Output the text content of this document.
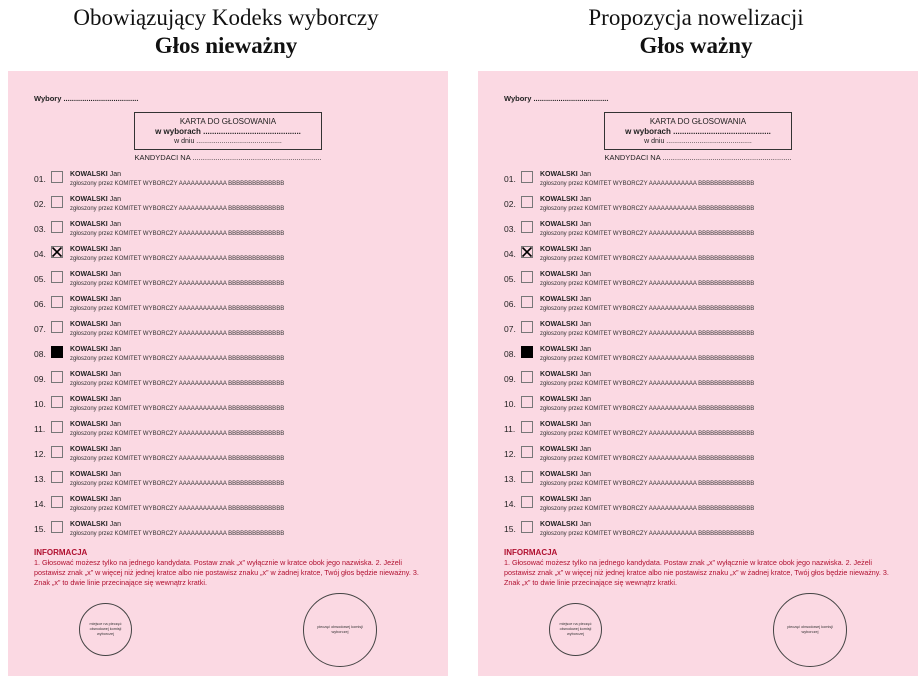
Obowiązujący Kodeks wyborczy
Głos nieważny
Propozycja nowelizacji
Głos ważny
Wybory ....................................
KARTA DO GŁOSOWANIA
w wyborach ............................................
w dniu ............................................
KANDYDACI NA ..............................................................
01.	KOWALSKI Jan
zgłoszony przez KOMITET WYBORCZY AAAAAAAAAAAA BBBBBBBBBBBBBB
02.	KOWALSKI Jan
zgłoszony przez KOMITET WYBORCZY AAAAAAAAAAAA BBBBBBBBBBBBBB
03.	KOWALSKI Jan
zgłoszony przez KOMITET WYBORCZY AAAAAAAAAAAA BBBBBBBBBBBBBB
04.	KOWALSKI Jan
zgłoszony przez KOMITET WYBORCZY AAAAAAAAAAAA BBBBBBBBBBBBBB
05.	KOWALSKI Jan
zgłoszony przez KOMITET WYBORCZY AAAAAAAAAAAA BBBBBBBBBBBBBB
06.	KOWALSKI Jan
zgłoszony przez KOMITET WYBORCZY AAAAAAAAAAAA BBBBBBBBBBBBBB
07.	KOWALSKI Jan
zgłoszony przez KOMITET WYBORCZY AAAAAAAAAAAA BBBBBBBBBBBBBB
08.	KOWALSKI Jan
zgłoszony przez KOMITET WYBORCZY AAAAAAAAAAAA BBBBBBBBBBBBBB
09.	KOWALSKI Jan
zgłoszony przez KOMITET WYBORCZY AAAAAAAAAAAA BBBBBBBBBBBBBB
10.	KOWALSKI Jan
zgłoszony przez KOMITET WYBORCZY AAAAAAAAAAAA BBBBBBBBBBBBBB
11.	KOWALSKI Jan
zgłoszony przez KOMITET WYBORCZY AAAAAAAAAAAA BBBBBBBBBBBBBB
12.	KOWALSKI Jan
zgłoszony przez KOMITET WYBORCZY AAAAAAAAAAAA BBBBBBBBBBBBBB
13.	KOWALSKI Jan
zgłoszony przez KOMITET WYBORCZY AAAAAAAAAAAA BBBBBBBBBBBBBB
14.	KOWALSKI Jan
zgłoszony przez KOMITET WYBORCZY AAAAAAAAAAAA BBBBBBBBBBBBBB
15.	KOWALSKI Jan
zgłoszony przez KOMITET WYBORCZY AAAAAAAAAAAA BBBBBBBBBBBBBB
INFORMACJA
1. Głosować możesz tylko na jednego kandydata. Postaw znak „x” wyłącznie w kratce obok jego nazwiska. 2. Jeżeli postawisz znak „x” w więcej niż jednej kratce albo nie postawisz znaku „x” w żadnej kratce, Twój głos będzie nieważny. 3. Znak „x” to dwie linie przecinające się wewnątrz kratki.
miejsce na pieczęć obwodowej komisji wyborczej
pieczęć obwodowej komisji wyborczej
Wybory ....................................
KARTA DO GŁOSOWANIA
w wyborach ............................................
w dniu ............................................
KANDYDACI NA ..............................................................
01.	KOWALSKI Jan
zgłoszony przez KOMITET WYBORCZY AAAAAAAAAAAA BBBBBBBBBBBBBB
02.	KOWALSKI Jan
zgłoszony przez KOMITET WYBORCZY AAAAAAAAAAAA BBBBBBBBBBBBBB
03.	KOWALSKI Jan
zgłoszony przez KOMITET WYBORCZY AAAAAAAAAAAA BBBBBBBBBBBBBB
04.	KOWALSKI Jan
zgłoszony przez KOMITET WYBORCZY AAAAAAAAAAAA BBBBBBBBBBBBBB
05.	KOWALSKI Jan
zgłoszony przez KOMITET WYBORCZY AAAAAAAAAAAA BBBBBBBBBBBBBB
06.	KOWALSKI Jan
zgłoszony przez KOMITET WYBORCZY AAAAAAAAAAAA BBBBBBBBBBBBBB
07.	KOWALSKI Jan
zgłoszony przez KOMITET WYBORCZY AAAAAAAAAAAA BBBBBBBBBBBBBB
08.	KOWALSKI Jan
zgłoszony przez KOMITET WYBORCZY AAAAAAAAAAAA BBBBBBBBBBBBBB
09.	KOWALSKI Jan
zgłoszony przez KOMITET WYBORCZY AAAAAAAAAAAA BBBBBBBBBBBBBB
10.	KOWALSKI Jan
zgłoszony przez KOMITET WYBORCZY AAAAAAAAAAAA BBBBBBBBBBBBBB
11.	KOWALSKI Jan
zgłoszony przez KOMITET WYBORCZY AAAAAAAAAAAA BBBBBBBBBBBBBB
12.	KOWALSKI Jan
zgłoszony przez KOMITET WYBORCZY AAAAAAAAAAAA BBBBBBBBBBBBBB
13.	KOWALSKI Jan
zgłoszony przez KOMITET WYBORCZY AAAAAAAAAAAA BBBBBBBBBBBBBB
14.	KOWALSKI Jan
zgłoszony przez KOMITET WYBORCZY AAAAAAAAAAAA BBBBBBBBBBBBBB
15.	KOWALSKI Jan
zgłoszony przez KOMITET WYBORCZY AAAAAAAAAAAA BBBBBBBBBBBBBB
INFORMACJA
1. Głosować możesz tylko na jednego kandydata. Postaw znak „x” wyłącznie w kratce obok jego nazwiska. 2. Jeżeli postawisz znak „x” w więcej niż jednej kratce albo nie postawisz znaku „x” w żadnej kratce, Twój głos będzie nieważny. 3. Znak „x” to dwie linie przecinające się wewnątrz kratki.
miejsce na pieczęć obwodowej komisji wyborczej
pieczęć obwodowej komisji wyborczej
